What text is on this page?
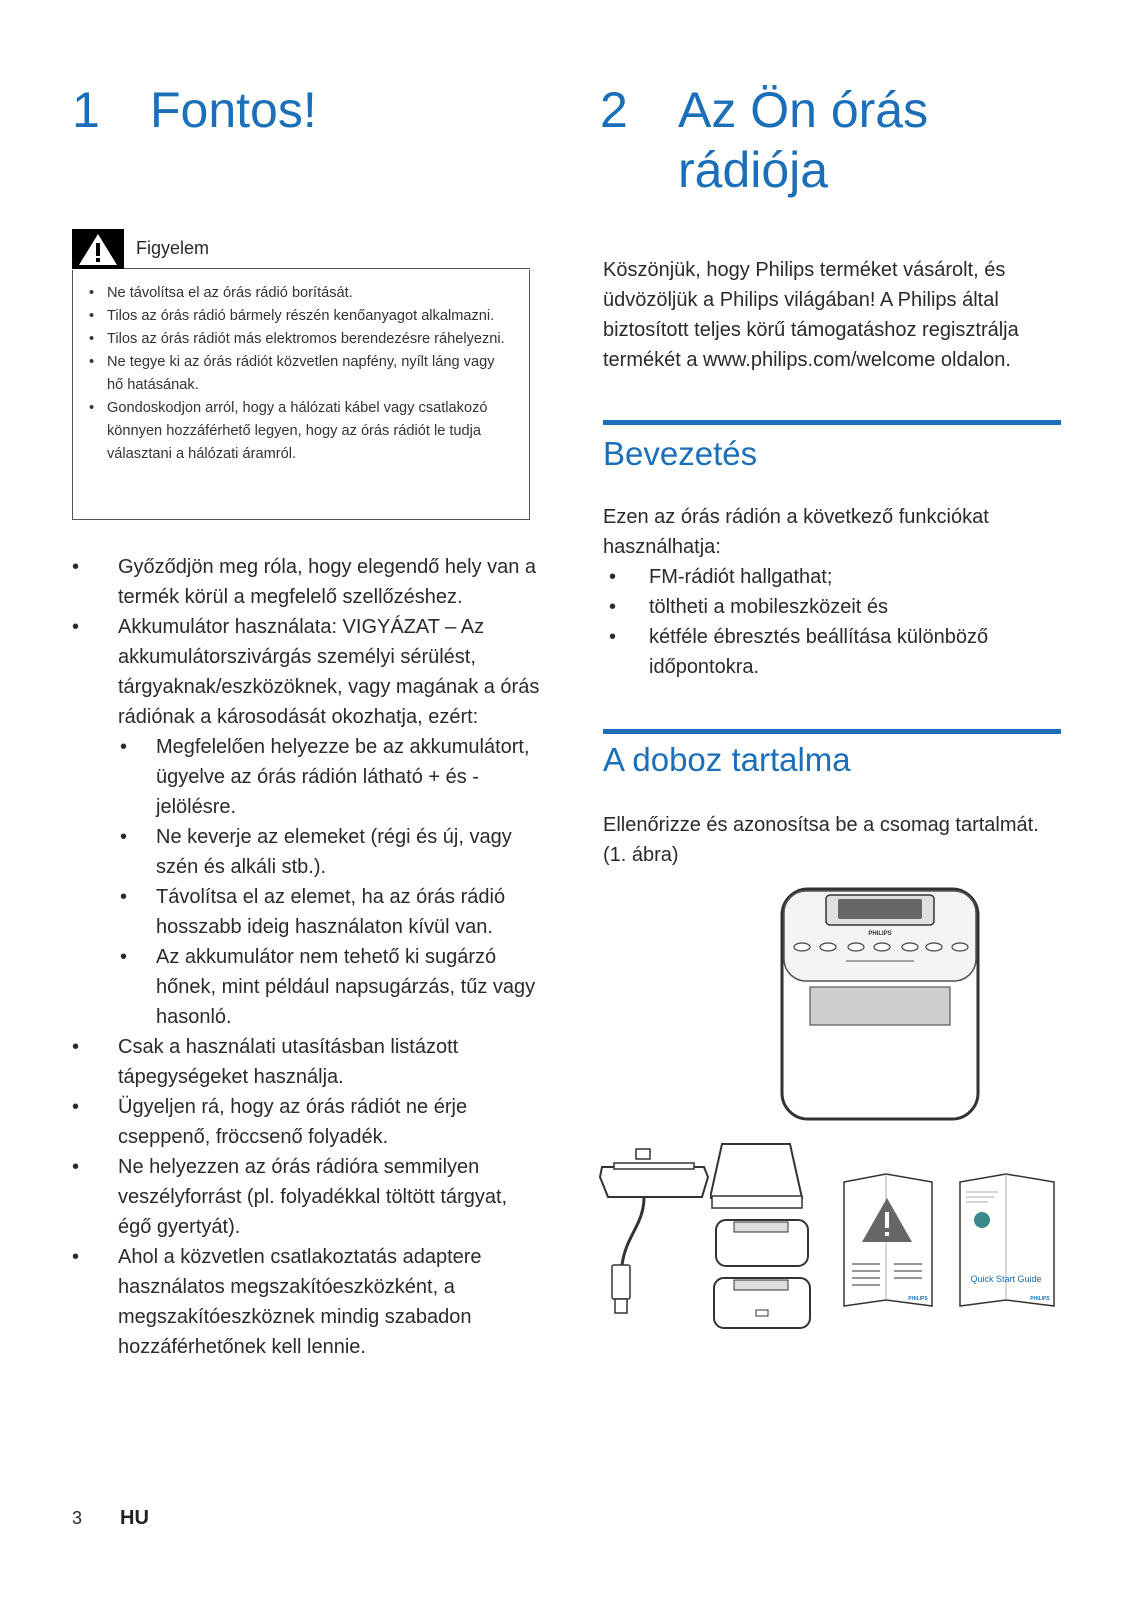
1 Fontos!
Figyelem
• Ne távolítsa el az órás rádió borítását.
• Tilos az órás rádió bármely részén kenőanyagot alkalmazni.
• Tilos az órás rádiót más elektromos berendezésre ráhelyezni.
• Ne tegye ki az órás rádiót közvetlen napfény, nyílt láng vagy hő hatásának.
• Gondoskodjon arról, hogy a hálózati kábel vagy csatlakozó könnyen hozzáférhető legyen, hogy az órás rádiót le tudja választani a hálózati áramról.
• Győződjön meg róla, hogy elegendő hely van a termék körül a megfelelő szellőzéshez.
• Akkumulátor használata: VIGYÁZAT – Az akkumulátorszivárgás személyi sérülést, tárgyaknak/eszközöknek, vagy magának a órás rádiónak a károsodását okozhatja, ezért:
• Megfelelően helyezze be az akkumulátort, ügyelve az órás rádión látható + és - jelölésre.
• Ne keverje az elemeket (régi és új, vagy szén és alkáli stb.).
• Távolítsa el az elemet, ha az órás rádió hosszabb ideig használaton kívül van.
• Az akkumulátor nem tehető ki sugárzó hőnek, mint például napsugárzás, tűz vagy hasonló.
• Csak a használati utasításban listázott tápegységeket használja.
• Ügyeljen rá, hogy az órás rádiót ne érje cseppenő, fröccsenő folyadék.
• Ne helyezzen az órás rádióra semmilyen veszélyforrást (pl. folyadékkal töltött tárgyat, égő gyertyát).
• Ahol a közvetlen csatlakoztatás adaptere használatos megszakítóeszközként, a megszakítóeszköznek mindig szabadon hozzáférhetőnek kell lennie.
2 Az Ön órás
rádiója

Köszönjük, hogy Philips terméket vásárolt, és üdvözöljük a Philips világában! A Philips által biztosított teljes körű támogatáshoz regisztrálja termékét a www.philips.com/welcome oldalon.

Bevezetés

Ezen az órás rádión a következő funkciókat használhatja:

• FM-rádiót hallgathat;
• töltheti a mobileszközeit és
• kétféle ébresztés beállítása különböző időpontokra.
A doboz tartalma

Ellenőrizze és azonosítsa be a csomag tartalmát. (1. ábra)

PHILIPS
PHILIPS
Quick Start Guide
PHILIPS
3 HU
